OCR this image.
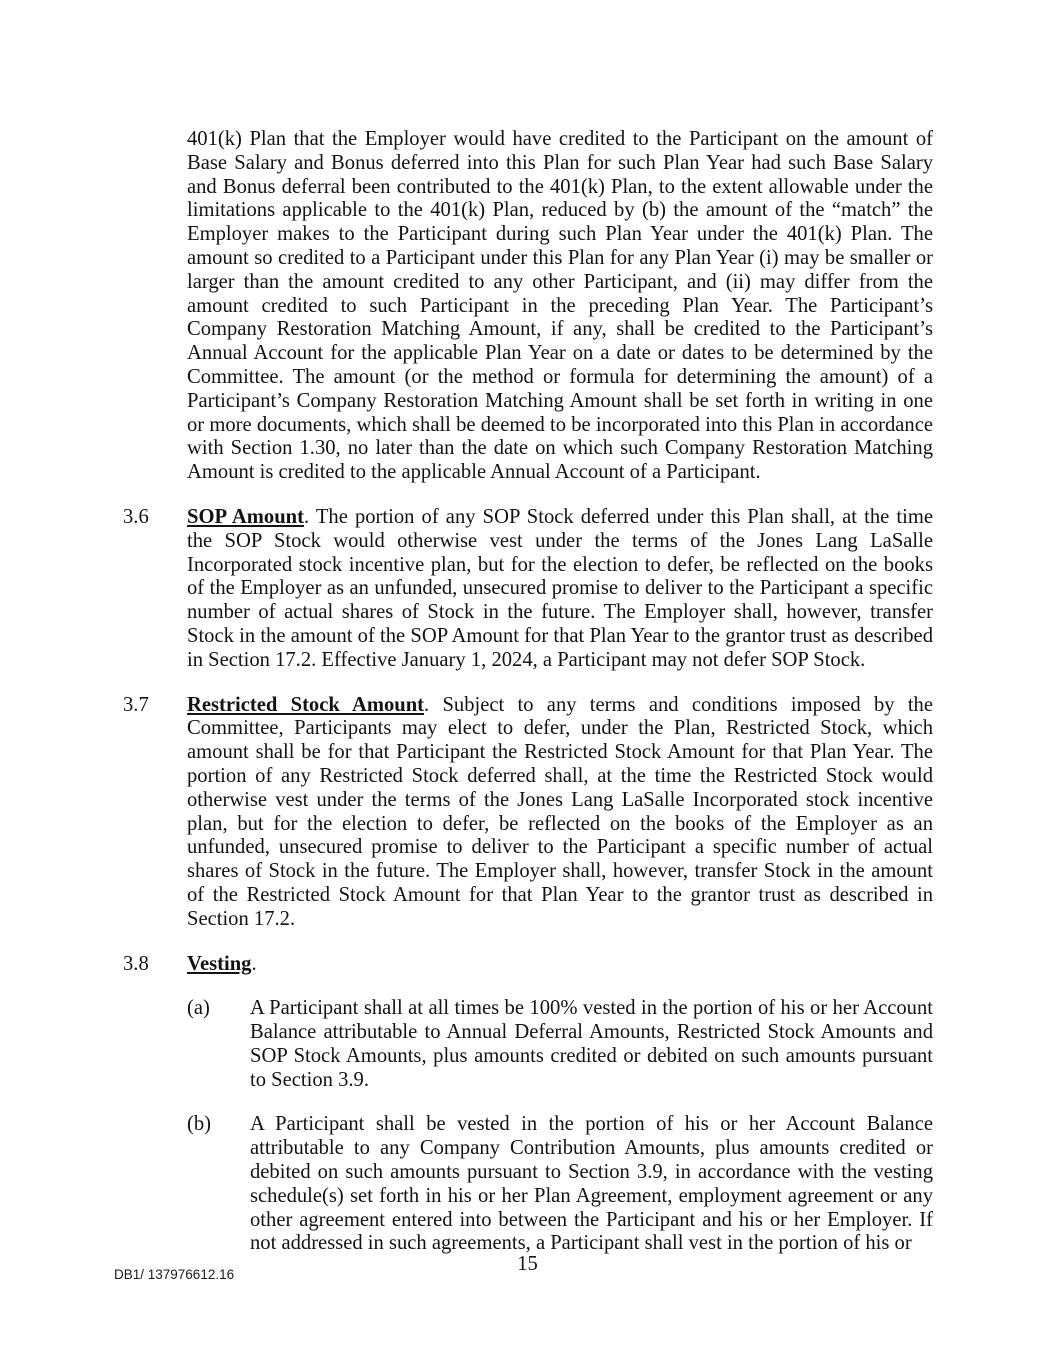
401(k) Plan that the Employer would have credited to the Participant on the amount of Base Salary and Bonus deferred into this Plan for such Plan Year had such Base Salary and Bonus deferral been contributed to the 401(k) Plan, to the extent allowable under the limitations applicable to the 401(k) Plan, reduced by (b) the amount of the “match” the Employer makes to the Participant during such Plan Year under the 401(k) Plan. The amount so credited to a Participant under this Plan for any Plan Year (i) may be smaller or larger than the amount credited to any other Participant, and (ii) may differ from the amount credited to such Participant in the preceding Plan Year. The Participant’s Company Restoration Matching Amount, if any, shall be credited to the Participant’s Annual Account for the applicable Plan Year on a date or dates to be determined by the Committee. The amount (or the method or formula for determining the amount) of a Participant’s Company Restoration Matching Amount shall be set forth in writing in one or more documents, which shall be deemed to be incorporated into this Plan in accordance with Section 1.30, no later than the date on which such Company Restoration Matching Amount is credited to the applicable Annual Account of a Participant.

3.6	SOP Amount. The portion of any SOP Stock deferred under this Plan shall, at the time the SOP Stock would otherwise vest under the terms of the Jones Lang LaSalle Incorporated stock incentive plan, but for the election to defer, be reflected on the books of the Employer as an unfunded, unsecured promise to deliver to the Participant a specific number of actual shares of Stock in the future. The Employer shall, however, transfer Stock in the amount of the SOP Amount for that Plan Year to the grantor trust as described in Section 17.2. Effective January 1, 2024, a Participant may not defer SOP Stock.

3.7	Restricted Stock Amount. Subject to any terms and conditions imposed by the Committee, Participants may elect to defer, under the Plan, Restricted Stock, which amount shall be for that Participant the Restricted Stock Amount for that Plan Year. The portion of any Restricted Stock deferred shall, at the time the Restricted Stock would otherwise vest under the terms of the Jones Lang LaSalle Incorporated stock incentive plan, but for the election to defer, be reflected on the books of the Employer as an unfunded, unsecured promise to deliver to the Participant a specific number of actual shares of Stock in the future. The Employer shall, however, transfer Stock in the amount of the Restricted Stock Amount for that Plan Year to the grantor trust as described in Section 17.2.

3.8	Vesting.

(a)	A Participant shall at all times be 100% vested in the portion of his or her Account Balance attributable to Annual Deferral Amounts, Restricted Stock Amounts and SOP Stock Amounts, plus amounts credited or debited on such amounts pursuant to Section 3.9.

(b)	A Participant shall be vested in the portion of his or her Account Balance attributable to any Company Contribution Amounts, plus amounts credited or debited on such amounts pursuant to Section 3.9, in accordance with the vesting schedule(s) set forth in his or her Plan Agreement, employment agreement or any other agreement entered into between the Participant and his or her Employer. If not addressed in such agreements, a Participant shall vest in the portion of his or

15
DB1/ 137976612.16
